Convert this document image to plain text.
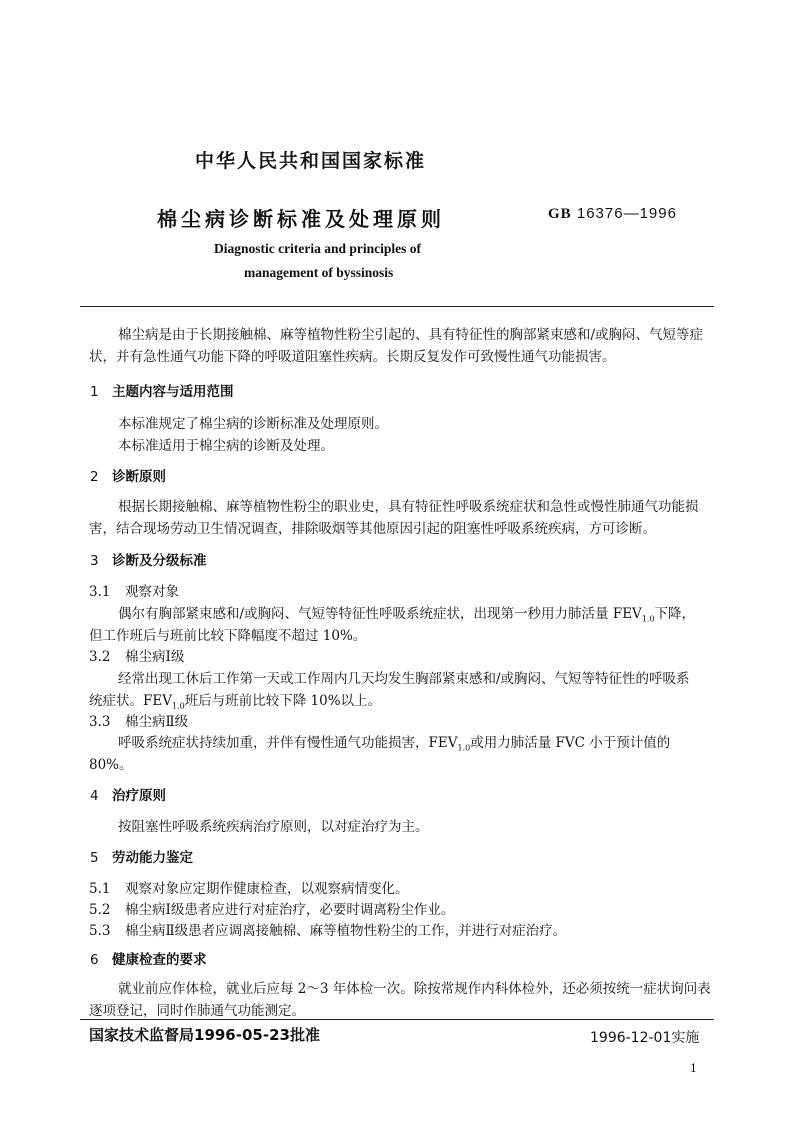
中华人民共和国国家标准
棉尘病诊断标准及处理原则	GB 16376—1996
Diagnostic criteria and principles of
management of byssinosis
棉尘病是由于长期接触棉、麻等植物性粉尘引起的、具有特征性的胸部紧束感和/或胸闷、气短等症
状，并有急性通气功能下降的呼吸道阻塞性疾病。长期反复发作可致慢性通气功能损害。
1 主题内容与适用范围
本标准规定了棉尘病的诊断标准及处理原则。
本标准适用于棉尘病的诊断及处理。
2 诊断原则
根据长期接触棉、麻等植物性粉尘的职业史，具有特征性呼吸系统症状和急性或慢性肺通气功能损
害，结合现场劳动卫生情况调查，排除吸烟等其他原因引起的阻塞性呼吸系统疾病，方可诊断。
3 诊断及分级标准
3.1 观察对象
偶尔有胸部紧束感和/或胸闷、气短等特征性呼吸系统症状，出现第一秒用力肺活量 $FEV_{1.0}$下降，
但工作班后与班前比较下降幅度不超过 10%。
3.2 棉尘病Ⅰ级
经常出现工休后工作第一天或工作周内几天均发生胸部紧束感和/或胸闷、气短等特征性的呼吸系
统症状。$FEV_{1.0}$班后与班前比较下降 10%以上。
3.3 棉尘病Ⅱ级
呼吸系统症状持续加重，并伴有慢性通气功能损害，$FEV_{1.0}$或用力肺活量 FVC 小于预计值的
80%。
4 治疗原则
按阻塞性呼吸系统疾病治疗原则，以对症治疗为主。
5 劳动能力鉴定
5.1 观察对象应定期作健康检查，以观察病情变化。
5.2 棉尘病Ⅰ级患者应进行对症治疗，必要时调离粉尘作业。
5.3 棉尘病Ⅱ级患者应调离接触棉、麻等植物性粉尘的工作，并进行对症治疗。
6 健康检查的要求
就业前应作体检，就业后应每 2～3 年体检一次。除按常规作内科体检外，还必须按统一症状询问表
逐项登记，同时作肺通气功能测定。
国家技术监督局1996-05-23批准	1996-12-01实施
1
